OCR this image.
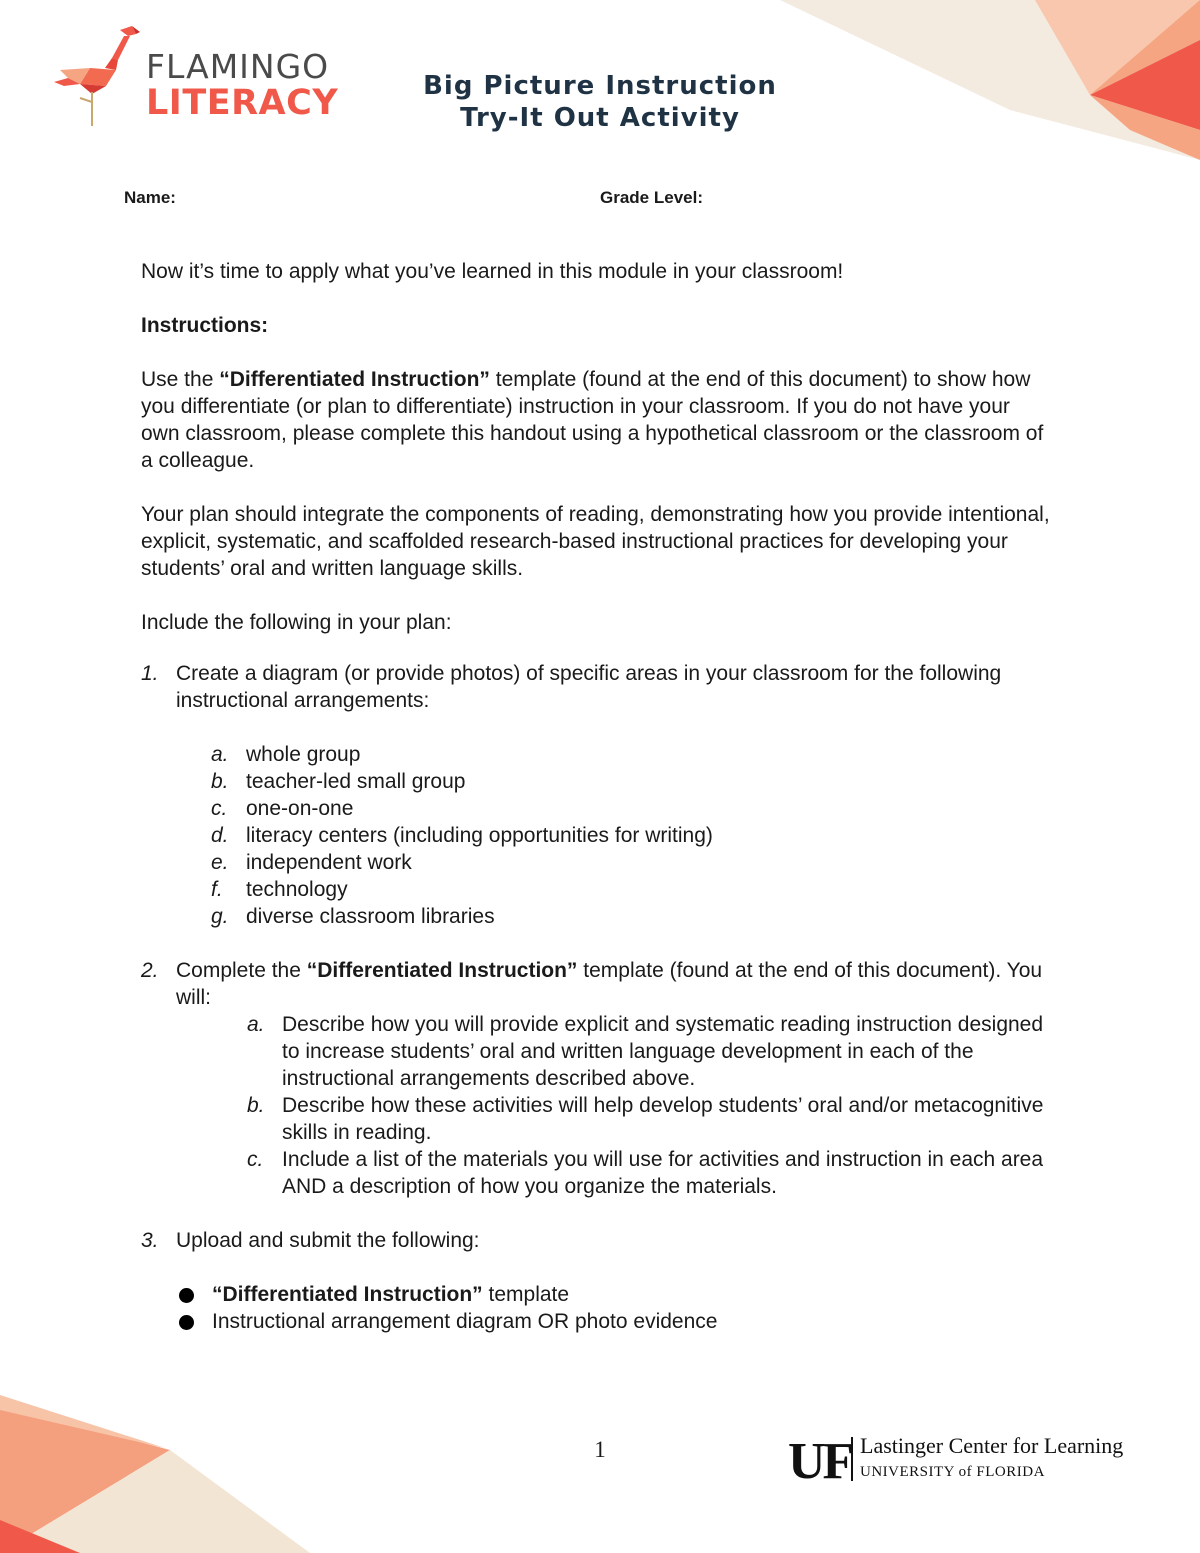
FLAMINGO
LITERACY	Big Picture Instruction
Try-It Out Activity
Name:	Grade Level:

Now it’s time to apply what you’ve learned in this module in your classroom!

Instructions:

Use the “Differentiated Instruction” template (found at the end of this document) to show how you differentiate (or plan to differentiate) instruction in your classroom. If you do not have your own classroom, please complete this handout using a hypothetical classroom or the classroom of a colleague.

Your plan should integrate the components of reading, demonstrating how you provide intentional, explicit, systematic, and scaffolded research-based instructional practices for developing your students’ oral and written language skills.

Include the following in your plan:

1. Create a diagram (or provide photos) of specific areas in your classroom for the following instructional arrangements:
a. whole group
b. teacher-led small group
c. one-on-one
d. literacy centers (including opportunities for writing)
e. independent work
f. technology
g. diverse classroom libraries
2. Complete the “Differentiated Instruction” template (found at the end of this document). You will:
a. Describe how you will provide explicit and systematic reading instruction designed to increase students’ oral and written language development in each of the instructional arrangements described above.
b. Describe how these activities will help develop students’ oral and/or metacognitive skills in reading.
c. Include a list of the materials you will use for activities and instruction in each area AND a description of how you organize the materials.
3. Upload and submit the following:
“Differentiated Instruction” template
Instructional arrangement diagram OR photo evidence
1	UF Lastinger Center for Learning
UNIVERSITY of FLORIDA
